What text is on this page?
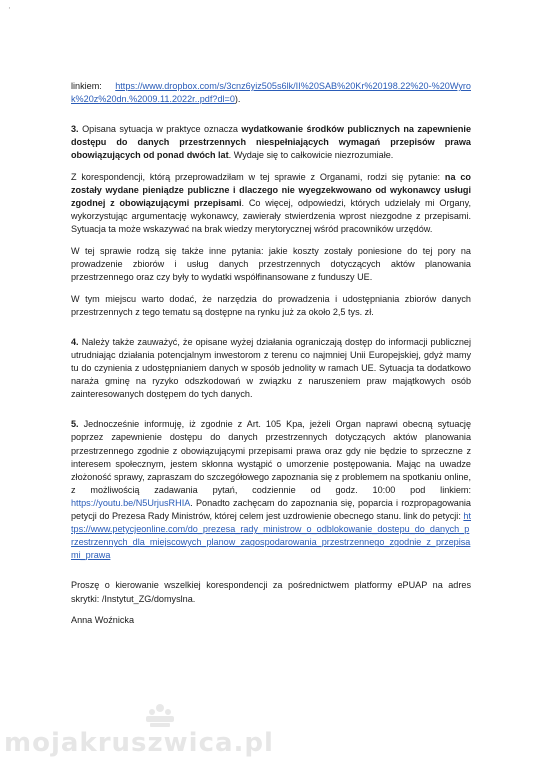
·

linkiem: https://www.dropbox.com/s/3cnz6yiz505s6lk/II%20SAB%20Kr%20198.22%20-%20Wyrok%20z%20dn.%2009.11.2022r..pdf?dl=0).

3. Opisana sytuacja w praktyce oznacza wydatkowanie środków publicznych na zapewnienie dostępu do danych przestrzennych niespełniających wymagań przepisów prawa obowiązujących od ponad dwóch lat. Wydaje się to całkowicie niezrozumiałe.

Z korespondencji, którą przeprowadziłam w tej sprawie z Organami, rodzi się pytanie: na co zostały wydane pieniądze publiczne i dlaczego nie wyegzekwowano od wykonawcy usługi zgodnej z obowiązującymi przepisami. Co więcej, odpowiedzi, których udzielały mi Organy, wykorzystując argumentację wykonawcy, zawierały stwierdzenia wprost niezgodne z przepisami. Sytuacja ta może wskazywać na brak wiedzy merytorycznej wśród pracowników urzędów.

W tej sprawie rodzą się także inne pytania: jakie koszty zostały poniesione do tej pory na prowadzenie zbiorów i usług danych przestrzennych dotyczących aktów planowania przestrzennego oraz czy były to wydatki współfinansowane z funduszy UE.

W tym miejscu warto dodać, że narzędzia do prowadzenia i udostępniania zbiorów danych przestrzennych z tego tematu są dostępne na rynku już za około 2,5 tys. zł.

4. Należy także zauważyć, że opisane wyżej działania ograniczają dostęp do informacji publicznej utrudniając działania potencjalnym inwestorom z terenu co najmniej Unii Europejskiej, gdyż mamy tu do czynienia z udostępnianiem danych w sposób jednolity w ramach UE. Sytuacja ta dodatkowo naraża gminę na ryzyko odszkodowań w związku z naruszeniem praw majątkowych osób zainteresowanych dostępem do tych danych.

5. Jednocześnie informuję, iż zgodnie z Art. 105 Kpa, jeżeli Organ naprawi obecną sytuację poprzez zapewnienie dostępu do danych przestrzennych dotyczących aktów planowania przestrzennego zgodnie z obowiązującymi przepisami prawa oraz gdy nie będzie to sprzeczne z interesem społecznym, jestem skłonna wystąpić o umorzenie postępowania. Mając na uwadze złożoność sprawy, zapraszam do szczegółowego zapoznania się z problemem na spotkaniu online, z możliwością zadawania pytań, codziennie od godz. 10:00 pod linkiem: https://youtu.be/N5UrjusRHIA. Ponadto zachęcam do zapoznania się, poparcia i rozpropagowania petycji do Prezesa Rady Ministrów, której celem jest uzdrowienie obecnego stanu. link do petycji: https://www.petycjeonline.com/do_prezesa_rady_ministrow_o_odblokowanie_dostepu_do_danych_przestrzennych_dla_miejscowych_planow_zagospodarowania_przestrzennego_zgodnie_z_przepisami_prawa

Proszę o kierowanie wszelkiej korespondencji za pośrednictwem platformy ePUAP na adres skrytki: /Instytut_ZG/domyslna.

Anna Woźnicka

mojakruszwica.pl
